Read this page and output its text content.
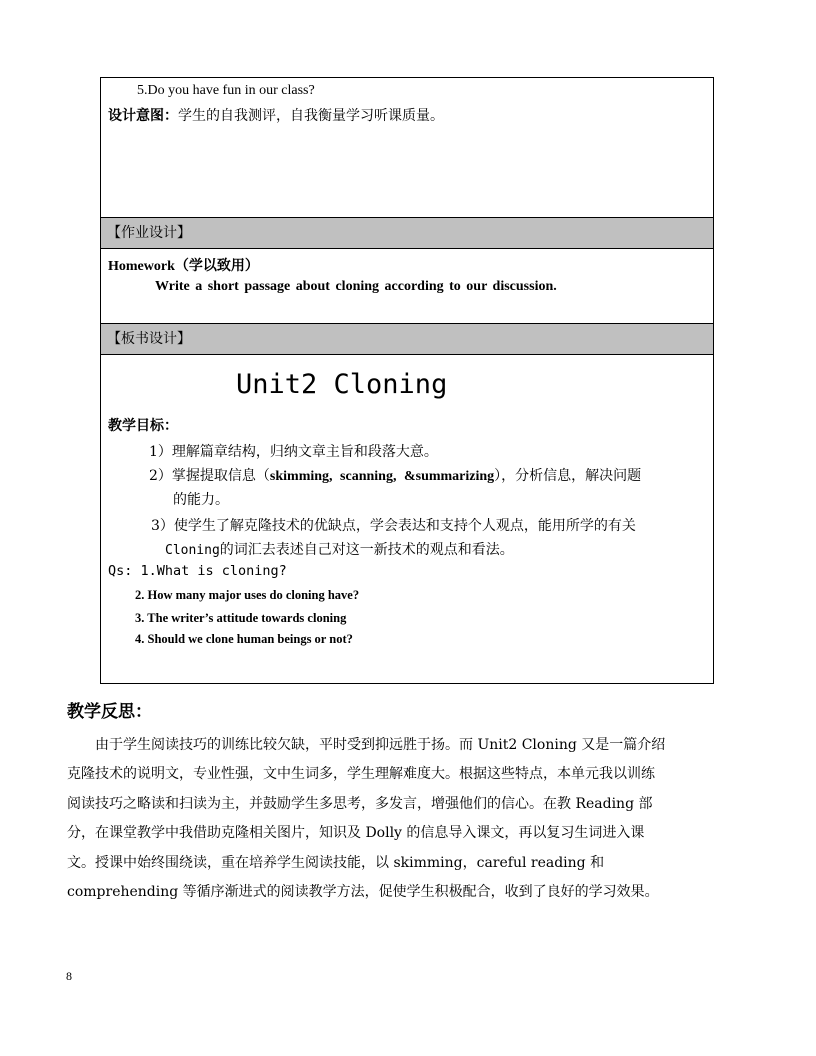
5.Do you have fun in our class?
设计意图：学生的自我测评，自我衡量学习听课质量。
【作业设计】
Homework（学以致用）
Write a short passage about cloning according to our discussion.
【板书设计】
Unit2 Cloning
教学目标：
1）理解篇章结构，归纳文章主旨和段落大意。
2）掌握提取信息（skimming, scanning, &summarizing），分析信息，解决问题
的能力。
3）使学生了解克隆技术的优缺点，学会表达和支持个人观点，能用所学的有关
Cloning的词汇去表述自己对这一新技术的观点和看法。
Qs: 1.What is cloning?
2. How many major uses do cloning have?
3. The writer’s attitude towards cloning
4. Should we clone human beings or not?
教学反思：
　　由于学生阅读技巧的训练比较欠缺，平时受到抑远胜于扬。而 Unit2 Cloning 又是一篇介绍
克隆技术的说明文，专业性强，文中生词多，学生理解难度大。根据这些特点，本单元我以训练
阅读技巧之略读和扫读为主，并鼓励学生多思考，多发言，增强他们的信心。在教 Reading 部
分，在课堂教学中我借助克隆相关图片，知识及 Dolly 的信息导入课文，再以复习生词进入课
文。授课中始终围绕读，重在培养学生阅读技能，以 skimming，careful reading 和
comprehending 等循序渐进式的阅读教学方法，促使学生积极配合，收到了良好的学习效果。
8
